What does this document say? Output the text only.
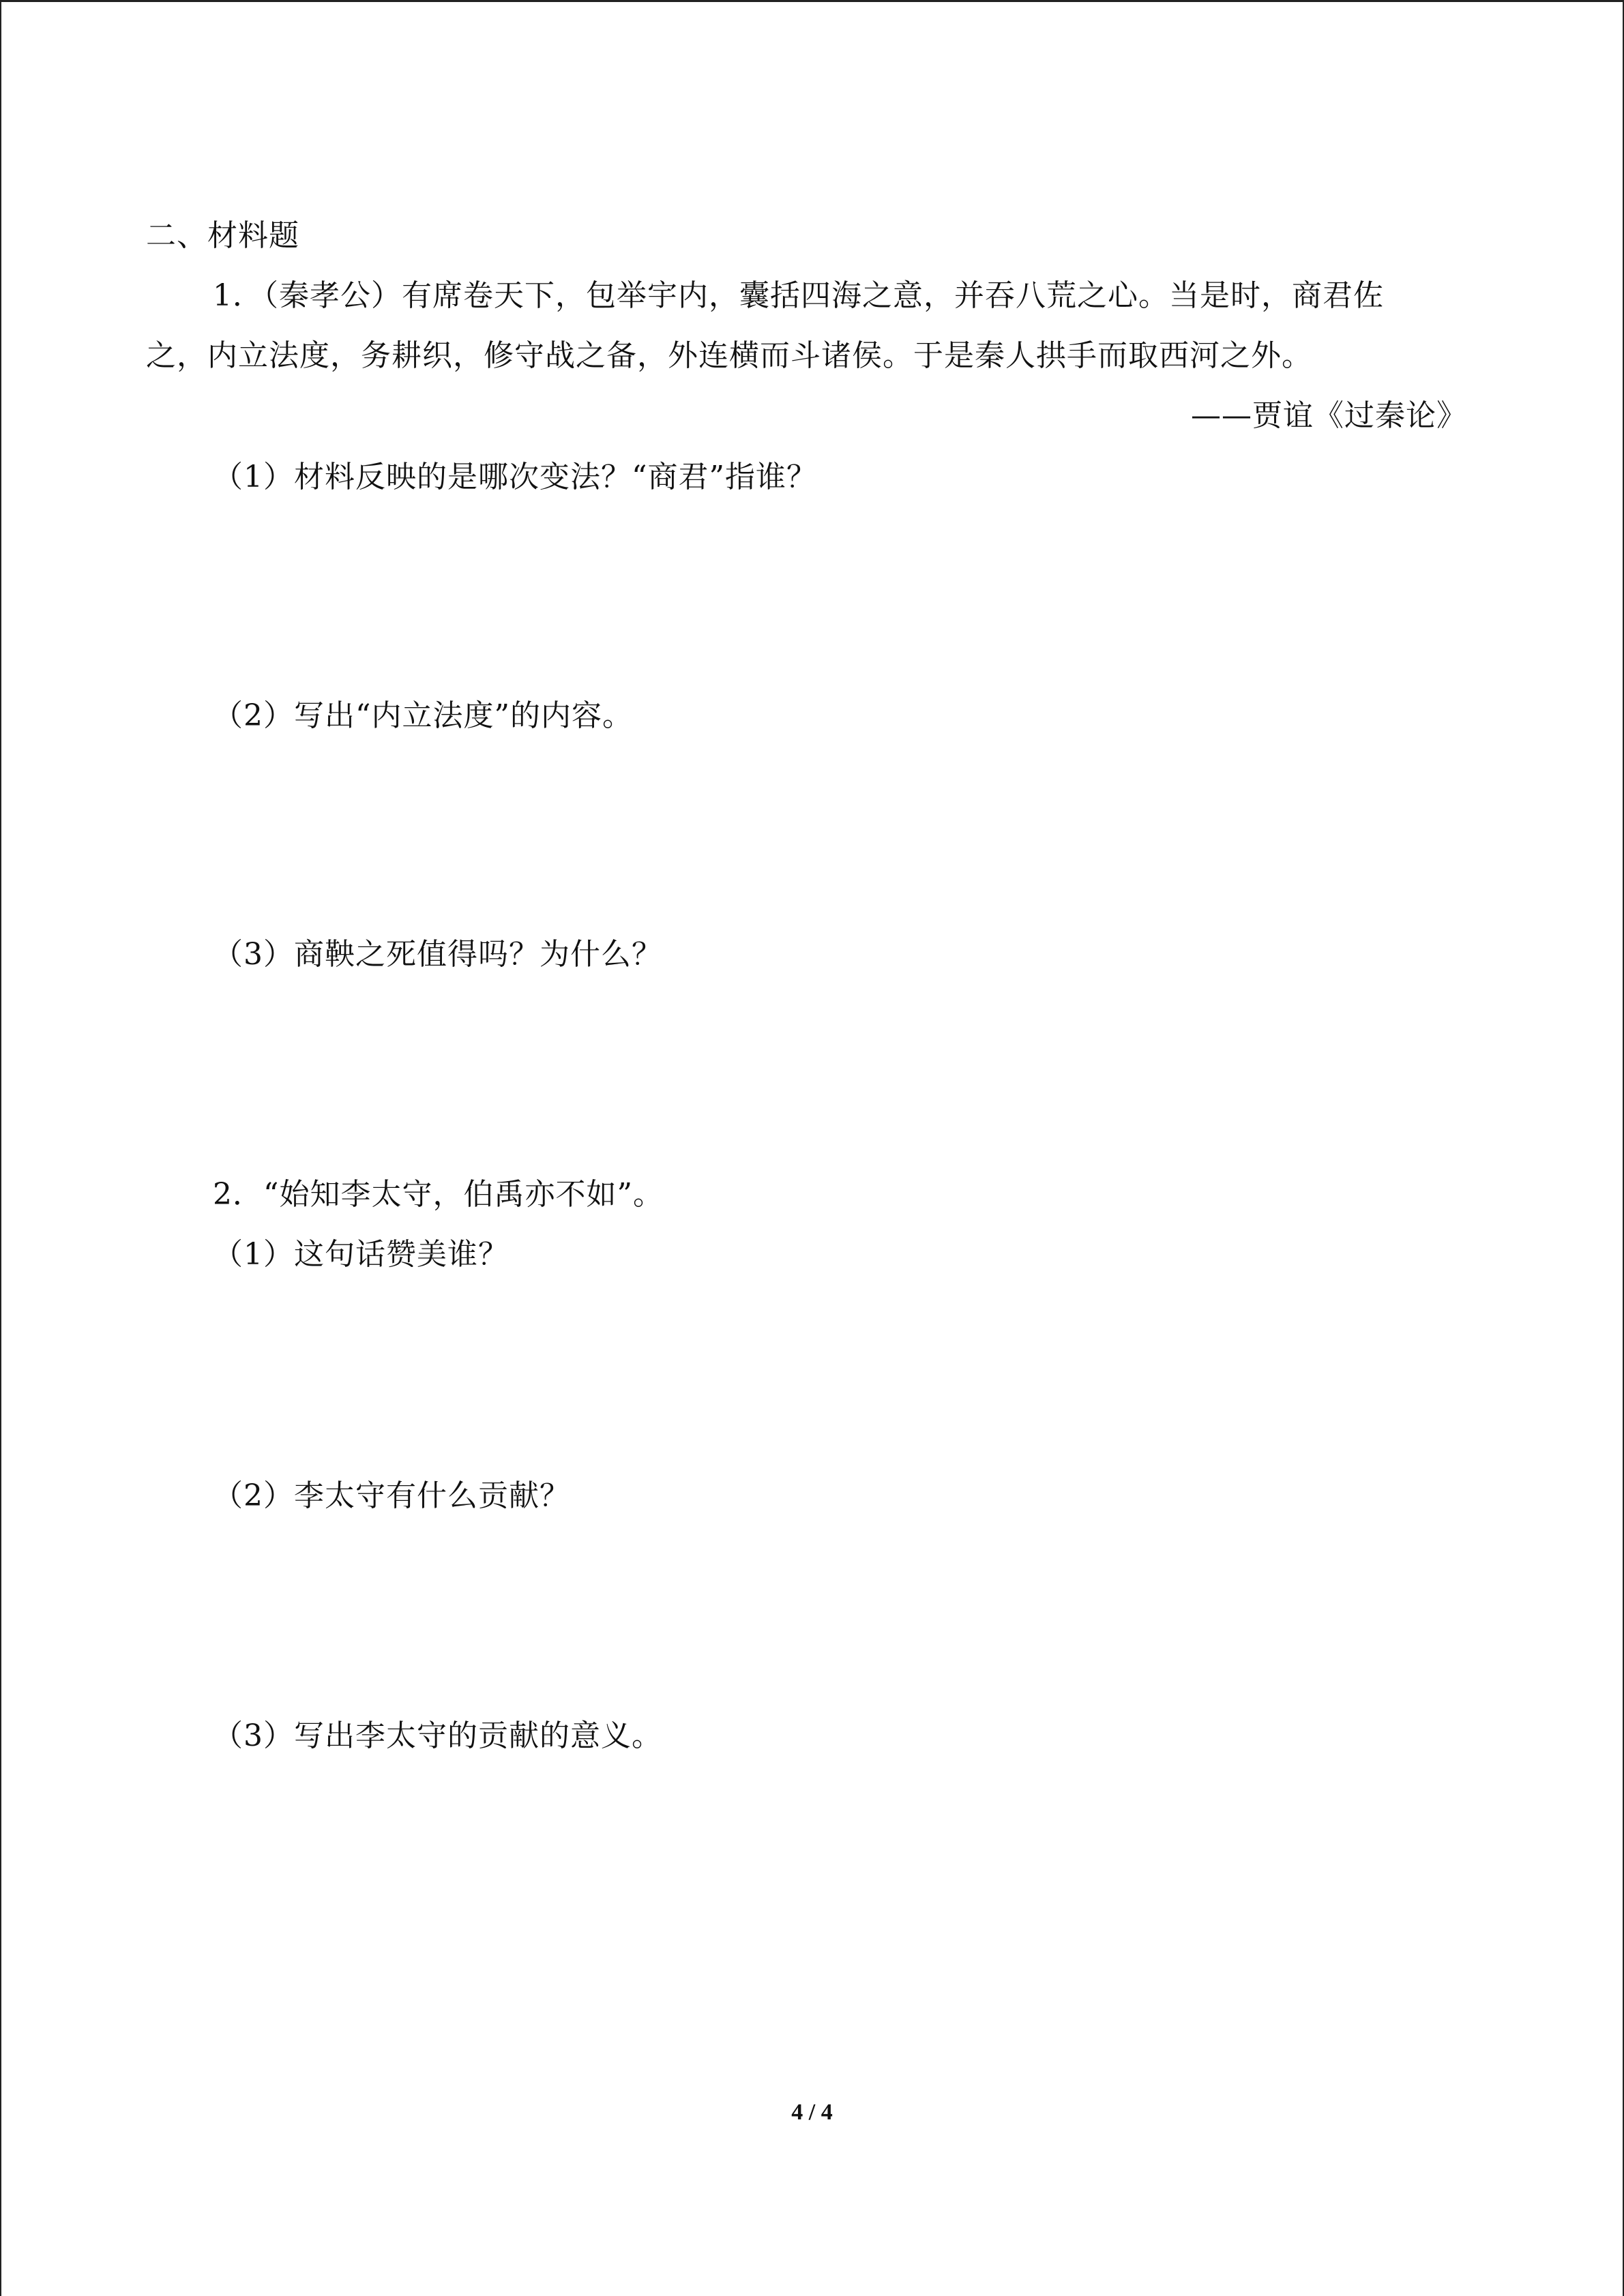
二、材料题
1．（秦孝公）有席卷天下，包举宇内，囊括四海之意，并吞八荒之心。当是时，商君佐
之，内立法度，务耕织，修守战之备，外连横而斗诸侯。于是秦人拱手而取西河之外。
——贾谊《过秦论》
（1）材料反映的是哪次变法？“商君”指谁？
（2）写出“内立法度”的内容。
（3）商鞅之死值得吗？为什么？
2．“始知李太守，伯禹亦不如”。
（1）这句话赞美谁？
（2）李太守有什么贡献？
（3）写出李太守的贡献的意义。
4 / 4
